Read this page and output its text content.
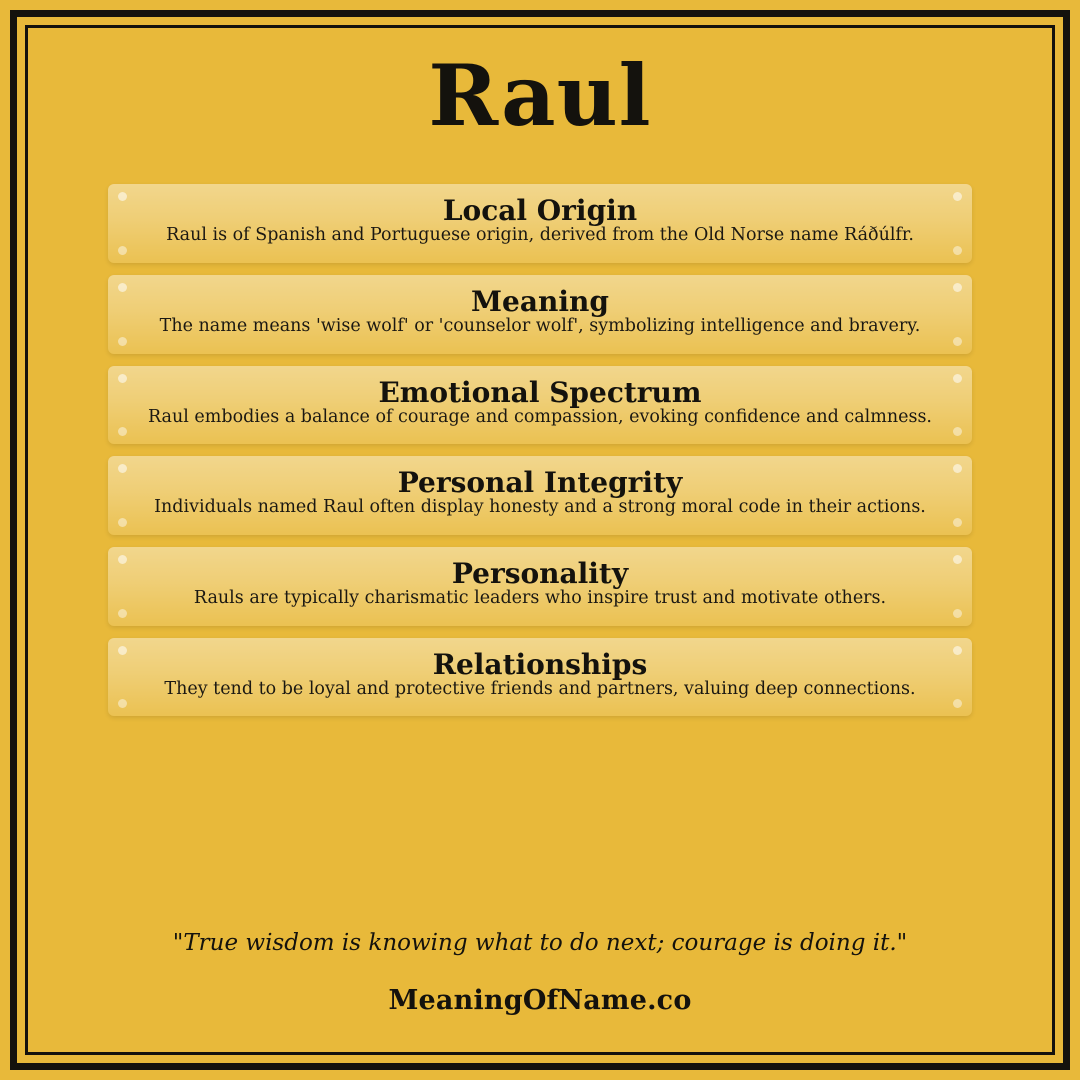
Raul
Local Origin
Raul is of Spanish and Portuguese origin, derived from the Old Norse name Ráðúlfr.
Meaning
The name means 'wise wolf' or 'counselor wolf', symbolizing intelligence and bravery.
Emotional Spectrum
Raul embodies a balance of courage and compassion, evoking confidence and calmness.
Personal Integrity
Individuals named Raul often display honesty and a strong moral code in their actions.
Personality
Rauls are typically charismatic leaders who inspire trust and motivate others.
Relationships
They tend to be loyal and protective friends and partners, valuing deep connections.
"True wisdom is knowing what to do next; courage is doing it."
MeaningOfName.co
